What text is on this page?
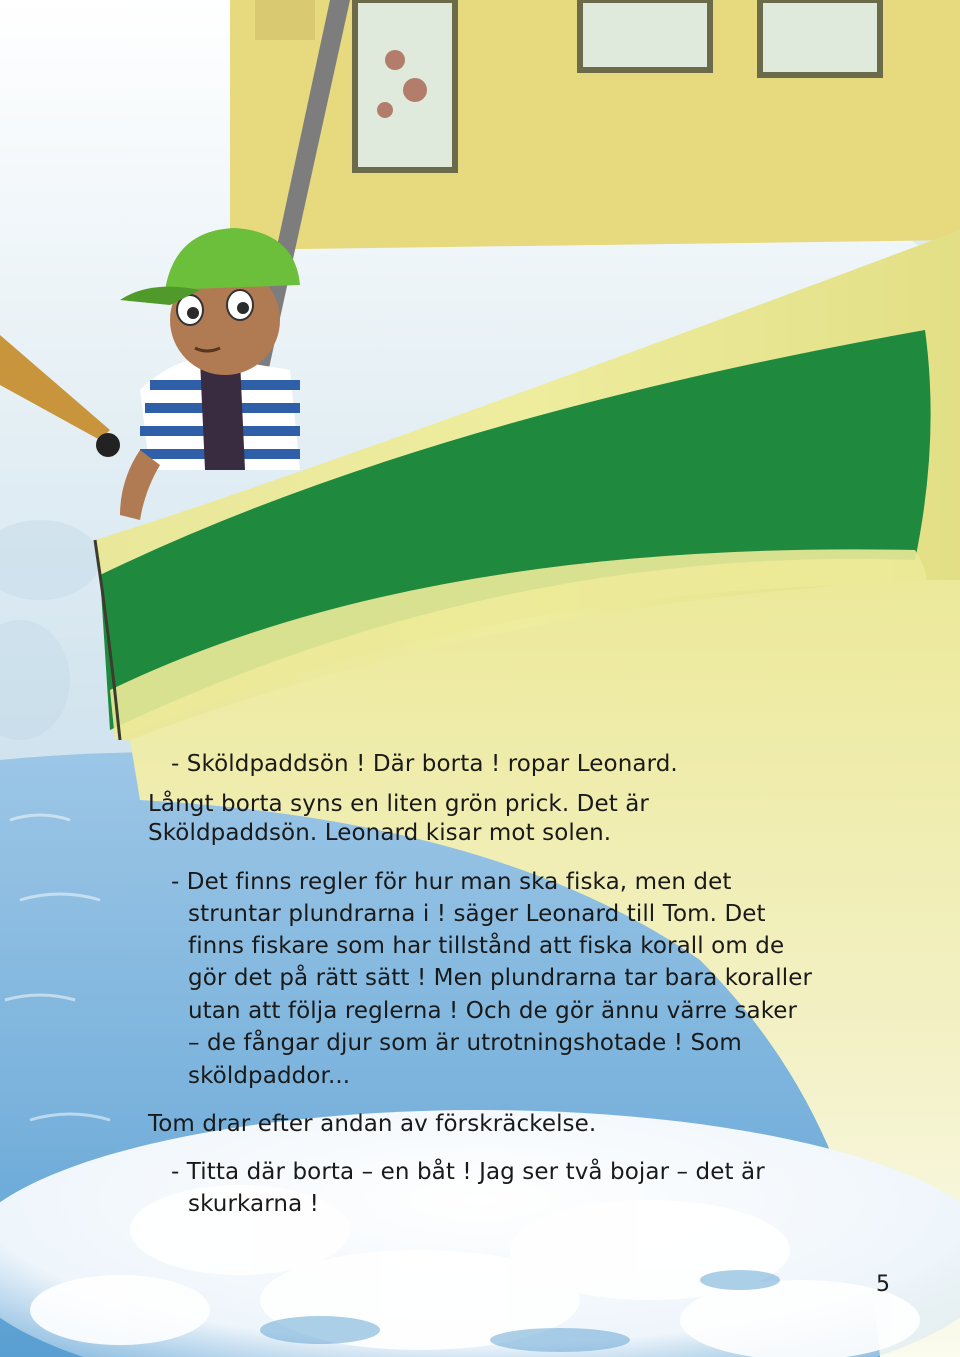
- Sköldpaddsön ! Där borta ! ropar Leonard.
Långt borta syns en liten grön prick. Det är
Sköldpaddsön. Leonard kisar mot solen.
- Det finns regler för hur man ska fiska, men det
struntar plundrarna i ! säger Leonard till Tom. Det
finns fiskare som har tillstånd att fiska korall om de
gör det på rätt sätt ! Men plundrarna tar bara koraller
utan att följa reglerna ! Och de gör ännu värre saker
– de fångar djur som är utrotningshotade ! Som
sköldpaddor...
Tom drar efter andan av förskräckelse.
- Titta där borta – en båt ! Jag ser två bojar – det är
skurkarna !
5
